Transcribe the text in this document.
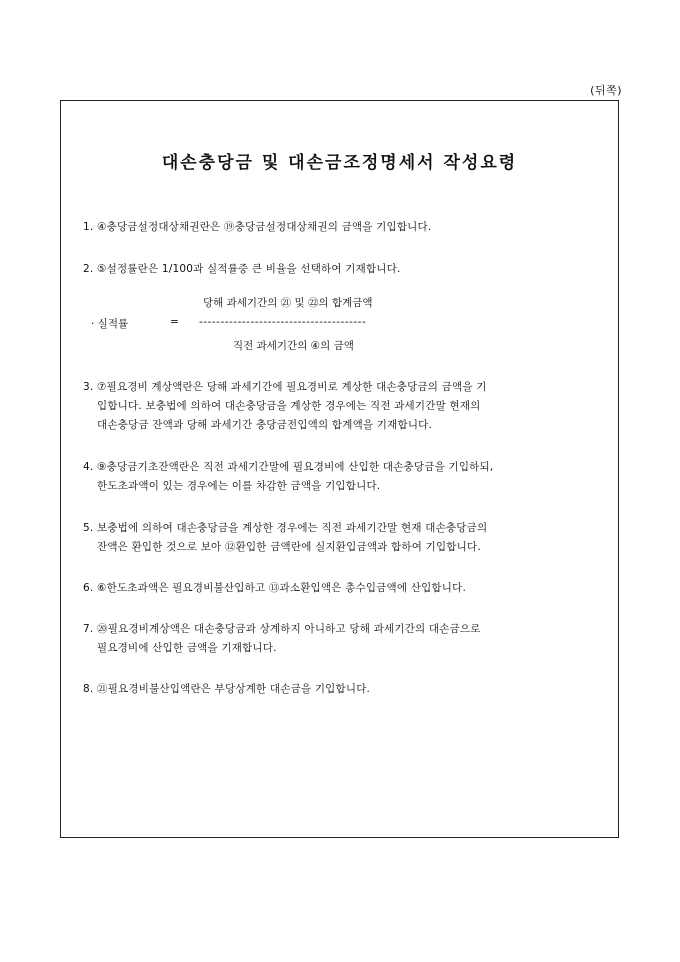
(뒤쪽)
대손충당금 및 대손금조정명세서 작성요령
1. ④충당금설정대상채권란은 ⑲충당금설정대상채권의 금액을 기입합니다.
2. ⑤설정률란은 1/100과 실적률중 큰 비율을 선택하여 기재합니다.
당해 과세기간의 ㉑ 및 ㉒의 합계금액
· 실적률	= ---------------------------------------
직전 과세기간의 ④의 금액
3. ⑦필요경비 계상액란은 당해 과세기간에 필요경비로 계상한 대손충당금의 금액을 기
입합니다. 보충법에 의하여 대손충당금을 계상한 경우에는 직전 과세기간말 현재의
대손충당금 잔액과 당해 과세기간 충당금전입액의 합계액을 기재합니다.
4. ⑨충당금기초잔액란은 직전 과세기간말에 필요경비에 산입한 대손충당금을 기입하되,
한도초과액이 있는 경우에는 이를 차감한 금액을 기입합니다.
5. 보충법에 의하여 대손충당금을 계상한 경우에는 직전 과세기간말 현재 대손충당금의
잔액은 환입한 것으로 보아 ⑫환입한 금액란에 실지환입금액과 합하여 기입합니다.
6. ⑥한도초과액은 필요경비불산입하고 ⑬과소환입액은 총수입금액에 산입합니다.
7. ⑳필요경비계상액은 대손충당금과 상계하지 아니하고 당해 과세기간의 대손금으로
필요경비에 산입한 금액을 기재합니다.
8. ㉑필요경비불산입액란은 부당상계한 대손금을 기입합니다.
